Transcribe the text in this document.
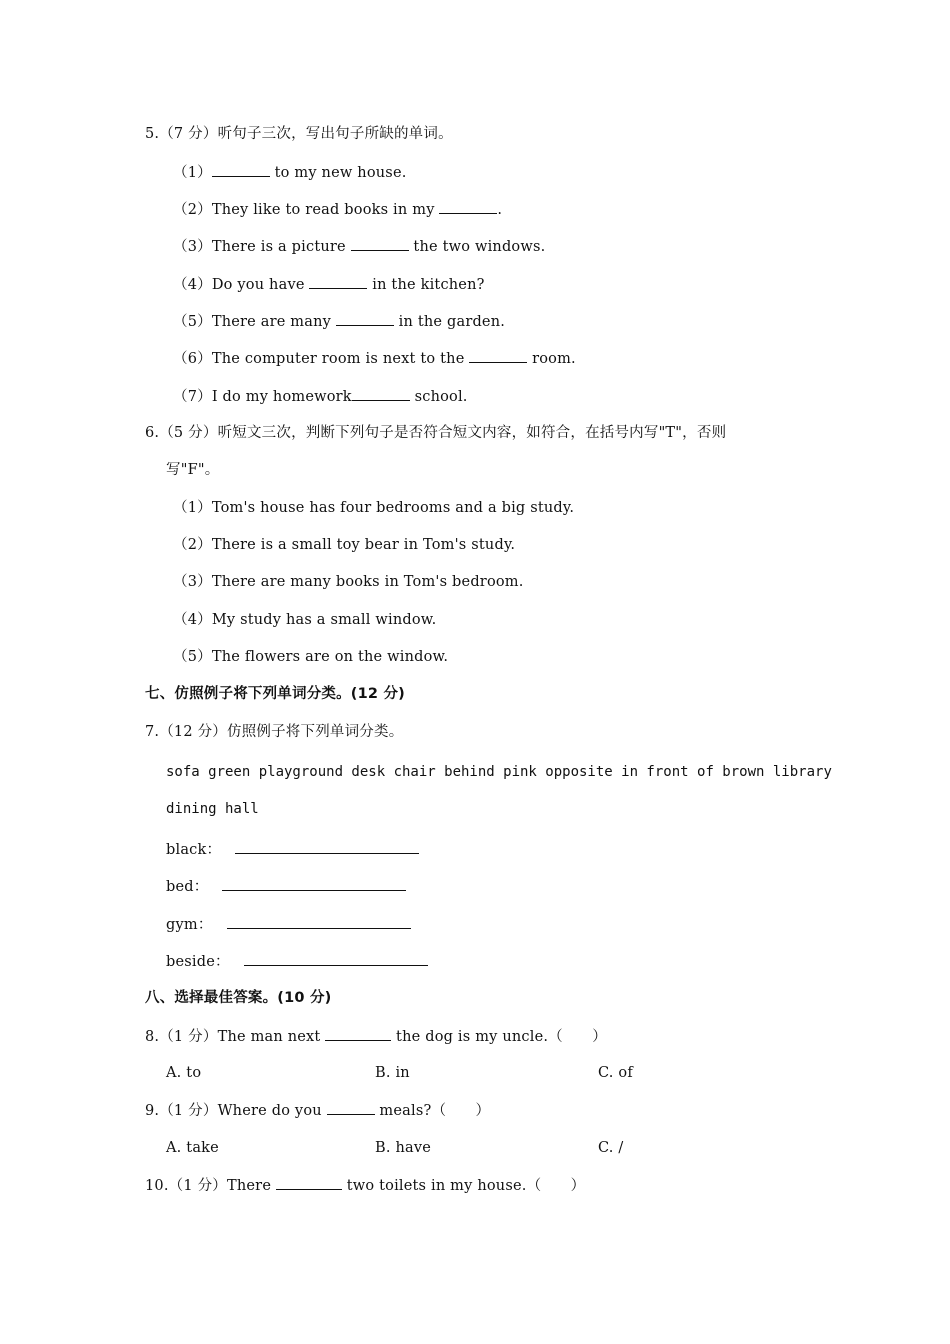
5.（7 分）听句子三次，写出句子所缺的单词。
（1）	to my new house.
（2）They like to read books in my	.
（3）There is a picture	the two windows.
（4）Do you have	in the kitchen?
（5）There are many	in the garden.
（6）The computer room is next to the	room.
（7）I do my homework	school.
6.（5 分）听短文三次，判断下列句子是否符合短文内容，如符合，在括号内写"T"，否则
写"F"。
（1）Tom's house has four bedrooms and a big study.
（2）There is a small toy bear in Tom's study.
（3）There are many books in Tom's bedroom.
（4）My study has a small window.
（5）The flowers are on the window.
七、仿照例子将下列单词分类。(12 分)
7.（12 分）仿照例子将下列单词分类。
sofa green playground desk chair behind pink opposite in front of brown library
dining hall
black：
bed：
gym：
beside：
八、选择最佳答案。(10 分)
8.（1 分）The man next	the dog is my uncle.（　　）
A. to	B. in	C. of
9.（1 分）Where do you	meals?（　　）
A. take	B. have	C. /
10.（1 分）There	two toilets in my house.（　　）
